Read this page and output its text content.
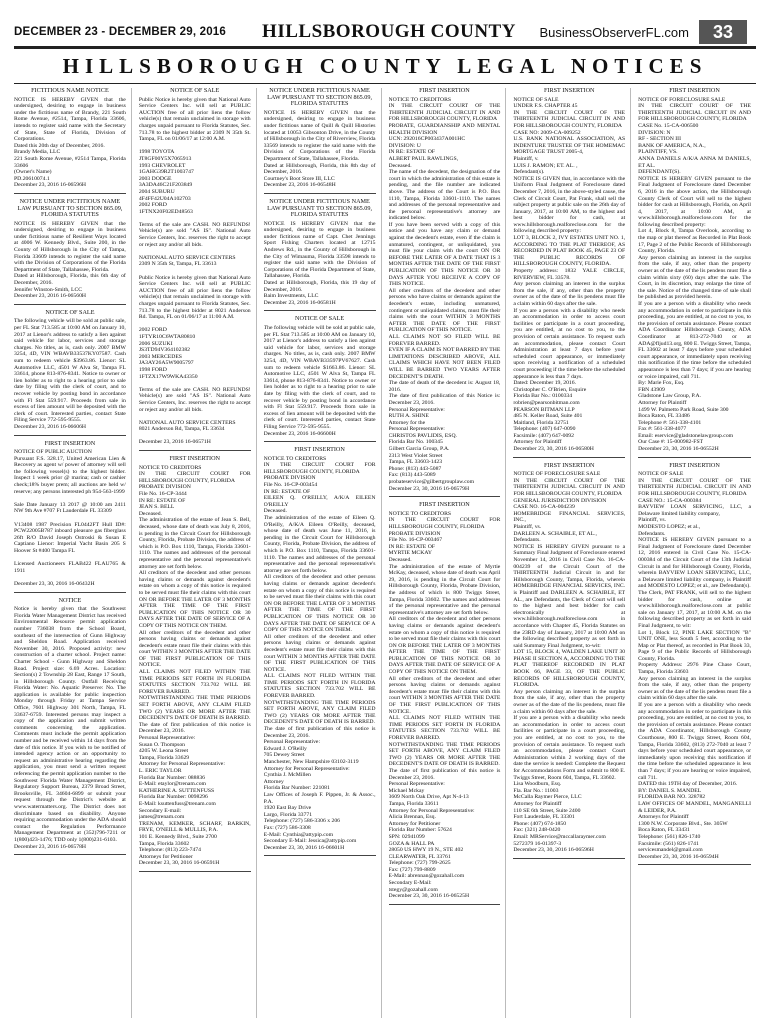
DECEMBER 23 - DECEMBER 29, 2016	HILLSBOROUGH COUNTY	BusinessObserverFL.com	33
HILLSBOROUGH COUNTY LEGAL NOTICES
FICTITIOUS NAME NOTICE

NOTICE IS HEREBY GIVEN that the undersigned, desiring to engage in business under the fictitious name of Brandy, 221 South Rome Avenue, #2514, Tampa, Florida 33606, intends to register said name with the Secretary of State, State of Florida, Division of Corporations.
Dated this 20th day of December, 2016.
Brandy Media, LLC
221 South Rome Avenue, #2514 Tampa, Florida 33606
(Owner's Name)
PD.20610074.1
December 23, 2016 16-06596H

NOTICE UNDER FICTITIOUS NAME LAW PURSUANT TO SECTION 865.09, FLORIDA STATUTES

NOTICE IS HEREBY GIVEN that the undersigned, desiring to engage in business under fictitious name of Resilient Ways located at 4006 W. Kennedy Blvd., Suite 200, in the County of Hillsborough in the City of Tampa, Florida 33609 intends to register the said name with the Division of Corporations of the Florida Department of State, Tallahassee, Florida.
Dated at Hillsborough, Florida, this 6th day of December, 2016.
Jennifer Winston-Smith, LCC
December 23, 2016 16-06560H

NOTICE OF SALE

The following vehicle will be sold at public sale, per FL Stat 713.585 at 10:00 AM on January 10, 2017 at Lienor's address to satisfy a lien against said vehicle for labor, services and storage charges. No titles, as is, cash only. 2007 BMW 3254, 4D, VIN WBAVB33537KY07587. Cash sum to redeem vehicle $3963.86. Lienor: SL Automotive LLC, 4501 W Alva St, Tampa FL 33614, phone 813-876-8341. Notice to owner or lien holder as to right to a hearing prior to sale date by filing with the clerk of court, and to recover vehicle by posting bond in accordance with Fl Stat 559.917. Proceeds from sale in excess of lien amount will be deposited with the clerk of court. Interested parties, contact State Filing Service 772-595-9555.
December 23, 2016 16-06606H

FIRST INSERTION

NOTICE OF PUBLIC AUCTION
Pursuant F.S. 328.17, United American Lien & Recovery as agent w/ power of attorney will sell the following vessel(s) to the highest bidder. Inspect 1 week prior @ marina; cash or cashier check;18% buyer prem; all auctions are held w/ reserve; any persons interested ph 954-563-1999

Sale Date January 13 2017 @ 10:00 am 2411 NW 9th Ave #707 Ft Lauderdale FL 33309

V13408 1987 Precision FL0442FT Hull ID#: PCW22005B787 inboard pleasure gas fiberglass 26ft R/O David Joseph Ostroski & Susan E Captiano Lienor: Imperial Yacht Basin 205 S Hoover St #400 Tampa FL

Licensed Auctioneers FLAB422 FLAU765 & 1911

December 23, 30, 2016 16-06432H

NOTICE

Notice is hereby given that the Southwest Florida Water Management District has received Environmental Resource permit application number 736038 from the School Board, southeast of the intersection of Gunn Highway and Sheldon Road. Application received November 30, 2016. Proposed activity: new construction of a charter school. Project name: Charter School - Gunn Highway and Sheldon Road. Project size: 6.69 Acres. Location: Section(s) 2 Township 28 East, Range 17 South, in Hillsborough County. Outfall Receiving Florida Water: No. Aquatic Preserve: No. The application is available for public inspection Monday through Friday at Tampa Service Office, 7601 Highway 301 North, Tampa, FL 33637-6759. Interested persons may inspect a copy of the application and submit written comments concerning the application. Comments must include the permit application number and be received within 14 days from the date of this notice. If you wish to be notified of intended agency action or an opportunity to request an administrative hearing regarding the application, you must send a written request referencing the permit application number to the Southwest Florida Water Management District, Regulatory Support Bureau, 2379 Broad Street, Brooksville, FL 34604-6899 or submit your request through the District's website at www.watermatters.org. The District does not discriminate based on disability. Anyone requiring accommodation under the ADA should contact the Regulation Performance Management Department at (352)796-7211 or 1(800)423-1476; TDD only 1(800)231-6103.
December 23, 2016 16-06578H

NOTICE OF SALE

Public Notice is hereby given that National Auto Service Centers Inc. will sell at PUBLIC AUCTION free of all prior liens the follow vehicle(s) that remain unclaimed in storage with charges unpaid pursuant to Florida Statutes, Sec. 713.78 to the highest bidder at 2309 N 35th St. Tampa, FL on 01/06/17 at 12:00 A.M.

1998 TOYOTA
JT8GF00Y5X7065913
1993 CHEVROLET
1GAHG39R2T1003747
2003 DODGE
3A3DA46C21F203849
2004 SUBURU
4F4FF42U04A102703
2002 FORD
1FTNX20F02ED48563

Terms of the sale are CASH. NO REFUNDS! Vehicle(s) are sold "AS IS". National Auto Service Centers, Inc. reserves the right to accept or reject any and/or all bids.

NATIONAL AUTO SERVICE CENTERS
2309 N 35th St, Tampa, FL 33613

Public Notice is hereby given that National Auto Service Centers Inc. will sell at PUBLIC AUCTION free of all prior liens the follow vehicle(s) that remain unclaimed in storage with charges unpaid pursuant to Florida Statutes, Sec. 713.78 to the highest bidder at 8021 Anderson Rd. Tampa, FL on 01/06/17 at 11:00 A.M.

2002 FORD
1FTYR10C6WTA80810
2006 SUZUKI
JS3TD94V364102382
2003 MERCEDES
JA3AY26A5W9005797
1998 FORD
1FTZX17W9WKA43350

Terms of the sale are CASH. NO REFUNDS! Vehicle(s) are sold "AS IS". National Auto Service Centers, Inc. reserves the right to accept or reject any and/or all bids.

NATIONAL AUTO SERVICE CENTERS
8021 Anderson Rd, Tampa, FL 33634

December 23, 2016 16-06571H

FIRST INSERTION

NOTICE TO CREDITORS
IN THE CIRCUIT COURT FOR HILLSBOROUGH COUNTY, FLORIDA
PROBATE DIVISION
File No. 16-CP-3444
IN RE: ESTATE OF
JEAN S. BELL
Deceased.
The administration of the estate of Jean S. Bell, deceased, whose date of death was July 8, 2016, is pending in the Circuit Court for Hillsborough County, Florida, Probate Division, the address of which is P.O. Box 1110, Tampa, Florida 33601-1110. The names and addresses of the personal representative and the personal representative's attorney are set forth below.
All creditors of the decedent and other persons having claims or demands against decedent's estate on whom a copy of this notice is required to be served must file their claims with this court ON OR BEFORE THE LATER OF 3 MONTHS AFTER THE TIME OF THE FIRST PUBLICATION OF THIS NOTICE OR 30 DAYS AFTER THE DATE OF SERVICE OF A COPY OF THIS NOTICE ON THEM.
All other creditors of the decedent and other persons having claims or demands against decedent's estate must file their claims with this court WITHIN 3 MONTHS AFTER THE DATE OF THE FIRST PUBLICATION OF THIS NOTICE.
ALL CLAIMS NOT FILED WITHIN THE TIME PERIODS SET FORTH IN FLORIDA STATUTES SECTION 733.702 WILL BE FOREVER BARRED.
NOTWITHSTANDING THE TIME PERIODS SET FORTH ABOVE, ANY CLAIM FILED TWO (2) YEARS OR MORE AFTER THE DECEDENT'S DATE OF DEATH IS BARRED.
The date of first publication of this notice is December 23, 2016.
Personal Representative:
Susan O. Thompson
4205 W. Leona Street
Tampa, Florida 33629
Attorney for Personal Representative:
L. ERIC TAYLOR
Florida Bar Number: 088836
E-Mail: etaylor@trenam.com
KATHERINE A. SUTTENFUSS
Florida Bar Number: 0098296
E-Mail: ksuttenfuss@trenam.com
Secondary E-mail:
james@trenam.com
TRENAM, KEMKER, SCHARF, BARKIN, FRYE, O'NEILL & MULLIS, P.A.
101 E. Kennedy Blvd., Suite 2700
Tampa, Florida 33602
Telephone: (813) 223-7474
Attorneys for Petitioner
December 23, 30, 2016 16-06591H

NOTICE UNDER FICTITIOUS NAME LAW PURSUANT TO SECTION 865.09, FLORIDA STATUTES

NOTICE IS HEREBY GIVEN that the undersigned, desiring to engage in business under fictitious name of Quill & Quill Histories located at 10053 Gibsonton Drive, in the County of Hillsborough in the City of Riverview, Florida 33569 intends to register the said name with the Division of Corporations of the Florida Department of State, Tallahassee, Florida.
Dated at Hillsborough, Florida, this 8th day of December, 2016.
Courtney's Boot Store III, LLC
December 23, 2016 16-06548H

NOTICE UNDER FICTITIOUS NAME LAW PURSUANT TO SECTION 865.09, FLORIDA STATUTES

NOTICE IS HEREBY GIVEN that the undersigned, desiring to engage in business under fictitious name of Capt. Chet Jennings Sport Fishing Charters located at 12715 Andrews Rd., in the County of Hillsborough in the City of Wimauma, Florida 33598 intends to register the said name with the Division of Corporations of the Florida Department of State, Tallahassee, Florida.
Dated at Hillsborough, Florida, this 19 day of December, 2016.
Baim Investments, LLC
December 23, 2016 16-06581H

NOTICE OF SALE

The following vehicle will be sold at public sale, per FL Stat 713.585 at 10:00 AM on January 10, 2017 at Lienor's address to satisfy a lien against said vehicle for labor, services and storage charges. No titles, as is, cash only. 2007 BMW 3254, 4D, VIN WBAVB33597PV67627. Cash sum to redeem vehicle $1663.86. Lienor: SL Automotive LLC, 4501 W Alva St, Tampa FL 33614, phone 813-876-8341. Notice to owner or lien holder as to right to a hearing prior to sale date by filing with the clerk of court, and to recover vehicle by posting bond in accordance with Fl Stat 559.917. Proceeds from sale in excess of lien amount will be deposited with the clerk of court. Interested parties, contact State Filing Service 772-595-9555.
December 23, 2016 16-06600H

FIRST INSERTION

NOTICE TO CREDITORS
IN THE CIRCUIT COURT FOR HILLSBOROUGH COUNTY, FLORIDA
PROBATE DIVISION
File No. 16-CP-003454
IN RE: ESTATE OF
EILEEN Q. O'REILLY, A/K/A EILEEN O'REILLY
Deceased.
The administration of the estate of Eileen Q. O'Reilly, A/K/A Eileen O'Reilly, deceased, whose date of death was June 11, 2016, is pending in the Circuit Court for Hillsborough County, Florida, Probate Division, the address of which is P.O. Box 1110, Tampa, Florida 33601-1110. The names and addresses of the personal representative and the personal representative's attorney are set forth below.
All creditors of the decedent and other persons having claims or demands against decedent's estate on whom a copy of this notice is required to be served must file their claims with this court ON OR BEFORE THE LATER OF 3 MONTHS AFTER THE TIME OF THE FIRST PUBLICATION OF THIS NOTICE OR 30 DAYS AFTER THE DATE OF SERVICE OF A COPY OF THIS NOTICE ON THEM.
All other creditors of the decedent and other persons having claims or demands against decedent's estate must file their claims with this court WITHIN 3 MONTHS AFTER THE DATE OF THE FIRST PUBLICATION OF THIS NOTICE.
ALL CLAIMS NOT FILED WITHIN THE TIME PERIODS SET FORTH IN FLORIDA STATUTES SECTION 733.702 WILL BE FOREVER BARRED.
NOTWITHSTANDING THE TIME PERIODS SET FORTH ABOVE, ANY CLAIM FILED TWO (2) YEARS OR MORE AFTER THE DECEDENT'S DATE OF DEATH IS BARRED.
The date of first publication of this notice is December 23, 2016.
Personal Representative:
Edward J. O'Reilly
705 Dewey Street
Manchester, New Hampshire 03102-3119
Attorney for Personal Representative:
Cynthia J. McMillen
Attorney
Florida Bar Number: 221081
Law Offices of Joseph F. Pippen, Jr. & Assoc., P.A.
1920 East Bay Drive
Largo, Florida 33771
Telephone: (727) 586-3306 x 206
Fax: (727) 586-3308
E-Mail: Cynthia@attypip.com
Secondary E-Mail: Jessica@attypip.com
December 23, 30, 2016 16-06601H

FIRST INSERTION

NOTICE TO CREDITORS
IN THE CIRCUIT COURT OF THE THIRTEENTH JUDICIAL CIRCUIT IN AND FOR HILLSBOROUGH COUNTY, FLORIDA
PROBATE, GUARDIANSHIP AND MENTAL HEALTH DIVISION
UCN: 292016CP003437A001HC
DIVISION: U
IN RE: ESTATE OF
ALBERT PAUL RAWLINGS,
Deceased.
The name of the decedent, the designation of the court in which the administration of this estate is pending, and the file number are indicated above. The address of the Court is P.O. Box 1110, Tampa, Florida 33601-1110. The names and addresses of the personal representative and the personal representative's attorney are indicated below.
If you have been served with a copy of this notice and you have any claim or demand against the decedent's estate, even if the claim is unmatured, contingent, or unliquidated, you must file your claim with the court ON OR BEFORE THE LATER OF A DATE THAT IS 3 MONTHS AFTER THE DATE OF THE FIRST PUBLICATION OF THIS NOTICE OR 30 DAYS AFTER YOU RECEIVE A COPY OF THIS NOTICE.
All other creditors of the decedent and other persons who have claims or demands against the decedent's estate, including unmatured, contingent or unliquidated claims, must file their claims with the court WITHIN 3 MONTHS AFTER THE DATE OF THE FIRST PUBLICATION OF THIS NOTICE.
ALL CLAIMS NOT SO FILED WILL BE FOREVER BARRED.
EVEN IF A CLAIM IS NOT BARRED BY THE LIMITATIONS DESCRIBED ABOVE, ALL CLAIMS WHICH HAVE NOT BEEN FILED WILL BE BARRED TWO YEARS AFTER DECEDENT'S DEATH.
The date of death of the decedent is: August 18, 2016.
The date of first publication of this Notice is: December 23, 2016.
Personal Representative:
RUTH A. SHINE
Attorney for the
Personal Representative:
CHRISTOS PAVLIDIS, ESQ.
Florida Bar No. 100345
Gilbert Garcia Group, P.A.
2313 West Violet Street
Tampa, FL 33603-1423
Phone: (813) 443-5087
Fax: (813) 443-5089
probateservice@gilbertgrouplaw.com
December 23, 30, 2016 16-06579H

FIRST INSERTION

NOTICE TO CREDITORS
IN THE CIRCUIT COURT FOR HILLSBOROUGH COUNTY, FLORIDA
PROBATE DIVISION
File No. 16-CP-003467
IN RE: ESTATE OF
MYRTIE MCKAY
Deceased.
The administration of the estate of Myrtie McKay, deceased, whose date of death was April 29, 2016, is pending in the Circuit Court for Hillsborough County, Florida, Probate Division, the address of which is 800 Twiggs Street, Tampa, Florida 33602. The names and addresses of the personal representative and the personal representative's attorney are set forth below.
All creditors of the decedent and other persons having claims or demands against decedent's estate on whom a copy of this notice is required to be served must file their claims with this court ON OR BEFORE THE LATER OF 3 MONTHS AFTER THE TIME OF THE FIRST PUBLICATION OF THIS NOTICE OR 30 DAYS AFTER THE DATE OF SERVICE OF A COPY OF THIS NOTICE ON THEM.
All other creditors of the decedent and other persons having claims or demands against decedent's estate must file their claims with this court WITHIN 3 MONTHS AFTER THE DATE OF THE FIRST PUBLICATION OF THIS NOTICE.
ALL CLAIMS NOT FILED WITHIN THE TIME PERIODS SET FORTH IN FLORIDA STATUTES SECTION 733.702 WILL BE FOREVER BARRED.
NOTWITHSTANDING THE TIME PERIODS SET FORTH ABOVE, ANY CLAIM FILED TWO (2) YEARS OR MORE AFTER THE DECEDENT'S DATE OF DEATH IS BARRED.
The date of first publication of this notice is December 23, 2016.
Personal Representative:
Michael Mckay
3609 North Oak Drive, Apt N-4-13
Tampa, Florida 33611
Attorney for Personal Representative:
Alicia Brennan, Esq.
Attorney for Petitioner
Florida Bar Number: 57624
SPN: 02941099
GOZA & HALL PA
28050 US HWY 19 N., STE 402
CLEARWATER, FL 33761
Telephone: (727) 799-2625
Fax: (727) 799-8809
E-Mail: abrennan@gozahall.com
Secondary E-Mail:
tstegy@gozahall.com
December 23, 30, 2016 16-06525H

FIRST INSERTION

NOTICE OF SALE
UNDER F.S. CHAPTER 45
IN THE CIRCUIT COURT OF THE THIRTEENTH JUDICIAL CIRCUIT IN AND FOR HILLSBOROUGH COUNTY, FLORIDA
CASE NO: 2009-CA-009252
U.S. BANK NATIONAL ASSOCIATION, AS INDENTURE TRUSTEE OF THE HOMEMAC MORTGAGE TRUST 2005-4,
Plaintiff, v.
LUIS J. RAMON; ET. AL. ,
Defendant(s).
NOTICE IS GIVEN that, in accordance with the Uniform Final Judgment of Foreclosure dated December 7, 2016, in the above-styled cause, the Clerk of Circuit Court, Pat Frank, shall sell the subject property at public sale on the 26th day of January, 2017, at 10:00 AM, to the highest and best bidder for cash, at www.hillsborough.realforeclose.com for the following described property:
LOT 3, BLOCK 2, IVY ESTATES UNIT NO. 1, ACCORDING TO THE PLAT THEREOF, AS RECORDED IN PLAT BOOK 45, PAGE 23 OF THE PUBLIC RECORDS OF HILLSBOROUGH COUNTY, FLORIDA.
Property address: 1832 YALE CIRCLE, RIVERVIEW, FL 33578.
Any person claiming an interest in the surplus from the sale, if any, other than the property owner as of the date of the lis pendens must file a claim within 60 days after the sale.
If you are a person with a disability who needs an accommodation in order to access court facilities or participate in a court proceeding, you are entitled, at no cost to you, to the provision of certain assistance. To request such an accommodation, please contact Court Administration at least 7 days before your scheduled court appearance, or immediately upon receiving a notification of a scheduled court proceeding if the time before the scheduled appearance is less than 7 days.
Dated: December 19, 2016.
Christopher C. O'Brien, Esquire
Florida Bar No.: 0100334
robrien@pearsonbitman.com
PEARSON BITMAN LLP
485 N. Keller Road, Suite 401
Maitland, Florida 32751
Telephone: (407) 647-0090
Facsimile: (407) 647-0092
Attorney for Plaintiff
December 23, 30, 2016 16-06580H

FIRST INSERTION

NOTICE OF FORECLOSURE SALE
IN THE CIRCUIT COURT OF THE THIRTEENTH JUDICIAL CIRCUIT IN AND FOR HILLSBOROUGH COUNTY, FLORIDA
GENERAL JURISDICTION DIVISION
CASE NO. 16-CA-004239
HOMEBRIDGE FINANCIAL SERVICES, INC.,
Plaintiff, vs.
DARLEEN A. SCHAIBLE, ET AL.,
Defendants.
NOTICE IS HEREBY GIVEN pursuant to a Summary Final Judgment of Foreclosure entered November 14, 2016 in Civil Case No. 16-CA-004239 of the Circuit Court of the THIRTEENTH Judicial Circuit in and for Hillsborough County, Tampa, Florida, wherein HOMEBRIDGE FINANCIAL SERVICES, INC. is Plaintiff and DARLEEN A. SCHAIBLE, ET AL., are Defendants, the Clerk of Court will sell to the highest and best bidder for cash electronically at www.hillsborough.realforeclose.com in accordance with Chapter 45, Florida Statutes on the 23RD day of January, 2017 at 10:00 AM on the following described property as set forth in said Summary Final Judgment, to-wit:
LOT 15, BLOCK 4, WALDEN LAKE UNIT 30 PHASE II SECTION A, ACCORDING TO THE PLAT THEREOF RECORDED IN PLAT BOOK 66, PAGE 33, OF THE PUBLIC RECORDS OF HILLSBOROUGH COUNTY, FLORIDA.
Any person claiming an interest in the surplus from the sale, if any, other than the property owner as of the date of the lis pendens, must file a claim within 60 days after the sale.
If you are a person with a disability who needs an accommodation in order to access court facilities or participate in a court proceeding, you are entitled, at no cost to you, to the provision of certain assistance. To request such an accommodation, please contact Court Administration within 2 working days of the date the service is needed: Complete the Request for Accommodations Form and submit to 800 E. Twiggs Street, Room 604, Tampa, FL 33602.
Lisa Woodburn, Esq.
Fla. Bar No.: 11003
McCalla Raymer Pierce, LLC
Attorney for Plaintiff
110 SE 6th Street, Suite 2400
Fort Lauderdale, FL 33301
Phone: (407) 674-1850
Fax: (321) 248-0420
Email: MRService@mccallaraymer.com
5272379 16-01397-3
December 23, 30, 2016 16-06596H

FIRST INSERTION

NOTICE OF FORECLOSURE SALE
IN THE CIRCUIT COURT OF THE THIRTEENTH JUDICIAL CIRCUIT IN AND FOR HILLSBOROUGH COUNTY, FLORIDA
CASE No. 15-CA-006500
DIVISION: N
RF - SECTION III
BANK OF AMERICA, N.A.,
PLAINTIFF, VS.
ANNA DANIELS A/K/A ANNA M DANIELS, ET AL.
DEFENDANT(S).
NOTICE IS HEREBY GIVEN pursuant to the Final Judgment of Foreclosure dated December 6, 2016 in the above action, the Hillsborough County Clerk of Court will sell to the highest bidder for cash at Hillsborough, Florida, on April 4, 2017, at 10:00 AM, at www.hillsborough.realforeclose.com for the following described property:
Lot 4, Block 8, Tampa Overlook, according to the map or plat thereof as Recorded in Plat Book 17, Page 2 of the Public Records of Hillsborough County, Florida.
Any person claiming an interest in the surplus from the sale, if any, other than the property owner as of the date of the lis pendens must file a claim within sixty (60) days after the sale. The Court, in its discretion, may enlarge the time of the sale. Notice of the changed time of sale shall be published as provided herein.
If you are a person with a disability who needs any accommodation in order to participate in this proceeding, you are entitled, at no cost to you, to the provision of certain assistance. Please contact ADA Coordinator Hillsborough County, ADA Coordinator at 813-272-7040 or at ADA@fljud13.org, 800 E. Twiggs Street, Tampa, FL 33602 at least 7 days before your scheduled court appearance, or immediately upon receiving this notification if the time before the scheduled appearance is less than 7 days; if you are hearing or voice impaired, call 711.
By: Marie Fox, Esq.
FBN 43909
Gladstone Law Group, P.A.
Attorney for Plaintiff
1499 W. Palmetto Park Road, Suite 300
Boca Raton, FL 33486
Telephone #: 561-338-4101
Fax #: 561-338-4077
Email: eservice@gladstonelawgroup.com
Our Case #: 15-000982-FST
December 23, 30, 2016 16-06552H

FIRST INSERTION

NOTICE OF SALE
IN THE CIRCUIT COURT OF THE THIRTEENTH JUDICIAL CIRCUIT IN AND FOR HILLSBOROUGH COUNTY, FLORIDA
CASE NO.: 15-CA-000384
BAYVIEW LOAN SERVICING, LLC, a Delaware limited liability company,
Plaintiff, vs.
MODESTO LOPEZ; et al.,
Defendants.
NOTICE IS HEREBY GIVEN pursuant to a Final Judgment of Foreclosure dated December 12, 2016 entered in Civil Case No. 15-CA-000384 of the Circuit Court of the 13th Judicial Circuit in and for Hillsborough County, Florida, wherein BAYVIEW LOAN SERVICING, LLC, a Delaware limited liability company, is Plaintiff and MODESTO LOPEZ; et al., are Defendant(s).
The Clerk, PAT FRANK, will sell to the highest bidder for cash, online at www.hillsborough.realforeclose.com at public sale on January 17, 2017, at 10:00 A.M. on the following described property as set forth in said Final Judgment, to wit:
Lot 1, Block 12, PINE LAKE SECTION "B" UNIT ONE, less South 5 feet, according to the Map or Plat thereof, as recorded in Plat Book 33, Page 9 of the Public Records of Hillsborough County, Florida.
Property Address: 2976 Pine Chase Court, Tampa, Florida 33603
Any person claiming an interest in the surplus from the sale, if any, other than the property owner as of the date of the lis pendens must file a claim within 60 days after the sale.
If you are a person with a disability who needs any accommodation in order to participate in this proceeding, you are entitled, at no cost to you, to the provision of certain assistance. Please contact the ADA Coordinator, Hillsborough County Courthouse, 800 E. Twiggs Street, Room 604, Tampa, Florida 33602, (813) 272-7040 at least 7 days before your scheduled court appearance, or immediately upon receiving this notification if the time before the scheduled appearance is less than 7 days; if you are hearing or voice impaired, call 711.
DATED this 19TH day of December, 2016.
BY: DANIEL S. MANDEL
FLORIDA BAR NO. 328782
LAW OFFICES OF MANDEL, MANGANELLI & LEIDER, P.A.
Attorneys for Plaintiff
1300 N.W. Corporate Blvd., Ste. 305W
Boca Raton, FL 33431
Telephone: (561) 826-1740
Facsimile: (561) 826-1741
servicesmandel@gmail.com
December 23, 30, 2016 16-06594H
